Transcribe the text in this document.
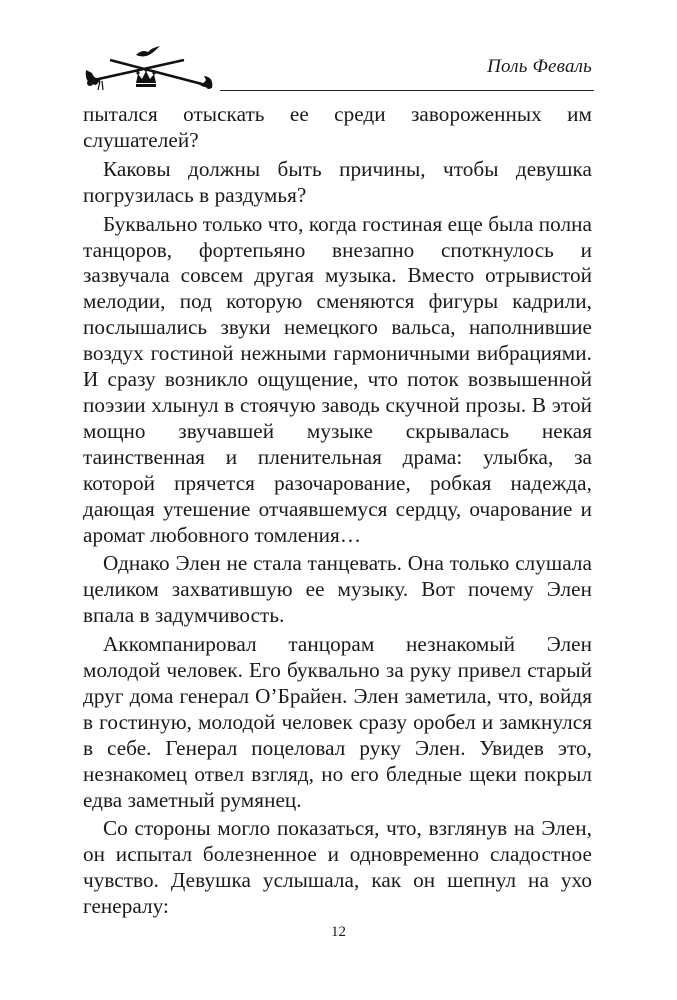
Поль Феваль

пытался отыскать ее среди завороженных им слушателей?

Каковы должны быть причины, чтобы девушка погрузилась в раздумья?

Буквально только что, когда гостиная еще была полна танцоров, фортепьяно внезапно споткнулось и зазвучала совсем другая музыка. Вместо отрывистой мелодии, под которую сменяются фигуры кадрили, послышались звуки немецкого вальса, наполнившие воздух гостиной нежными гармоничными вибрациями. И сразу возникло ощущение, что поток возвышенной поэзии хлынул в стоячую заводь скучной прозы. В этой мощно звучавшей музыке скрывалась некая таинственная и пленительная драма: улыбка, за которой прячется разочарование, робкая надежда, дающая утешение отчаявшемуся сердцу, очарование и аромат любовного томления…

Однако Элен не стала танцевать. Она только слушала целиком захватившую ее музыку. Вот почему Элен впала в задумчивость.

Аккомпанировал танцорам незнакомый Элен молодой человек. Его буквально за руку привел старый друг дома генерал О’Брайен. Элен заметила, что, войдя в гостиную, молодой человек сразу оробел и замкнулся в себе. Генерал поцеловал руку Элен. Увидев это, незнакомец отвел взгляд, но его бледные щеки покрыл едва заметный румянец.

Со стороны могло показаться, что, взглянув на Элен, он испытал болезненное и одновременно сладостное чувство. Девушка услышала, как он шепнул на ухо генералу:

12
